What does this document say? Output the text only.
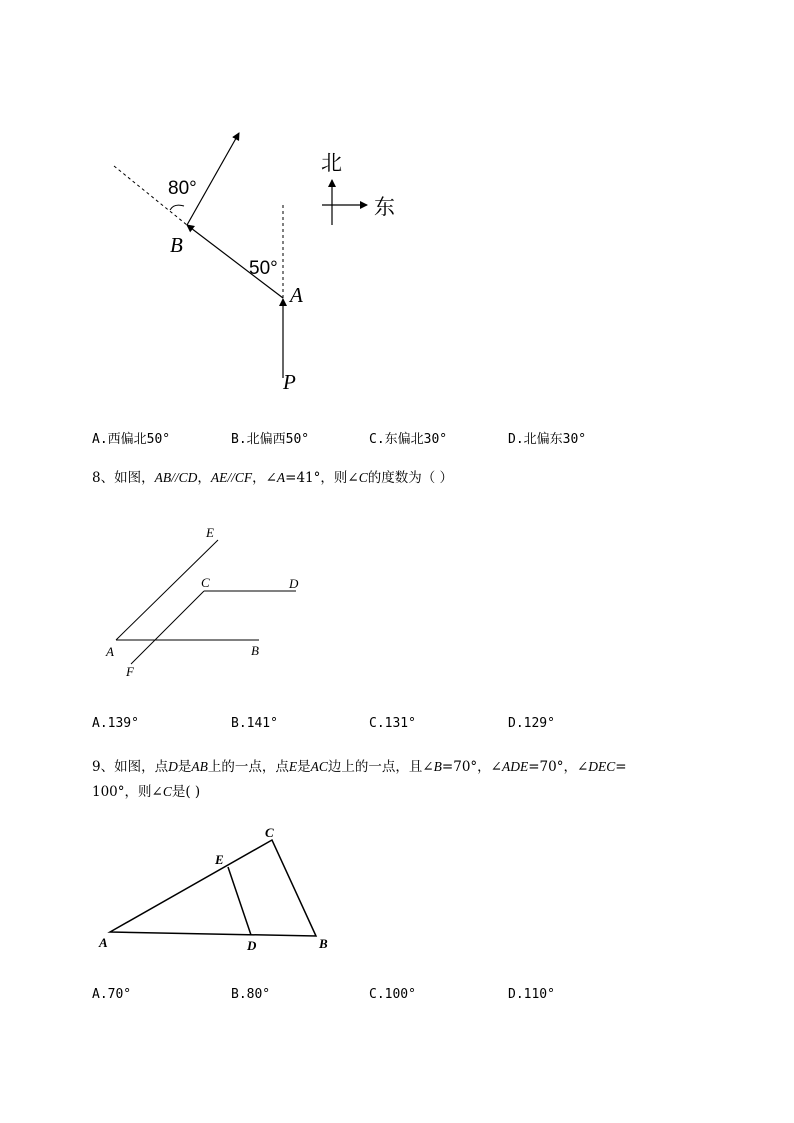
80°
50°
B
A
P
北
东
A.西偏北50°	B.北偏西50°	C.东偏北30°	D.北偏东30°
8、如图，AB//CD，AE//CF，∠A=41°，则∠C的度数为（ ）
E
C	D
A	B
F
A.139°	B.141°	C.131°	D.129°
9、如图，点D是AB上的一点，点E是AC边上的一点，且∠B=70°，∠ADE=70°，∠DEC=
100°，则∠C是( )
C
E
A	D	B
A.70°	B.80°	C.100°	D.110°
